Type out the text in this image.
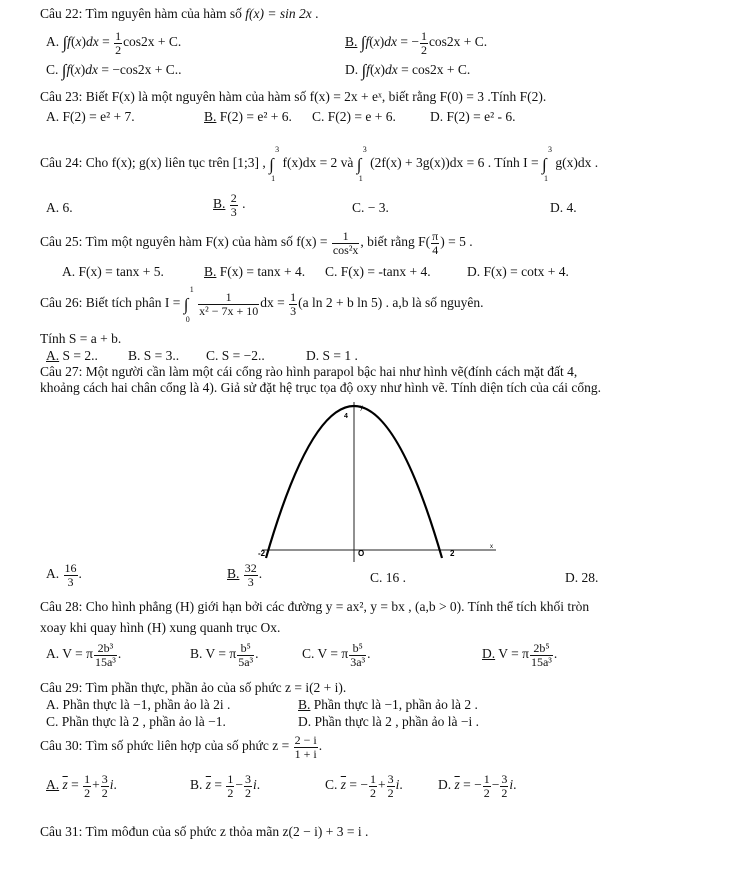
Câu 22: Tìm nguyên hàm của hàm số f(x) = sin 2x .
A. $\int f(x)dx = \frac{1}{2} \cos 2x + C$.	B. ∫f(x)dx = − $\frac{1}{2} \cos 2x + C$.
C. ∫f(x)dx = −cos2x + C..	D. ∫f(x)dx = cos2x + C.
Câu 23: Biết F(x) là một nguyên hàm của hàm số f(x) = 2x + eˣ, biết rằng F(0) = 3 .Tính F(2).
A. F(2) = e² + 7.	B. F(2) = e² + 6. C. F(2) = e + 6.	D. F(2) = e² - 6.
Câu 24: Cho f(x); g(x) liên tục trên [1;3] , ∫
3
1
f(x)dx = 2 và ∫
3
1
(2f(x) + 3g(x))dx = 6 . Tính I = ∫
3
1
g(x)dx .
A. 6.	B. $\frac{2}{3}$ .	C. − 3.	D. 4.
Câu 25: Tìm một nguyên hàm F(x) của hàm số $f(x) = \frac{1}{\text{cos²x}}$ , biết rằng $F( \frac{\pi}{4}$ ) = 5 .
A. F(x) = tanx + 5.	B. F(x) = tanx + 4. C. F(x) = -tanx + 4.	D. F(x) = cotx + 4.
Câu 26: Biết tích phân I = ∫
1
0

$\frac{1}{\text{x² − 7x + 10}}$ dx = $\frac{1}{3} (a$ ln 2 + b ln 5) . a,b là số nguyên.
Tính S = a + b.
A. S = 2.. B. S = 3.. C. S = −2..	D. S = 1 .
Câu 27: Một người cần làm một cái cổng rào hình parapol bậc hai như hình vẽ(đính cách mặt đất 4,
khoảng cách hai chân cổng là 4). Giả sử đặt hệ trục tọa độ oxy như hình vẽ. Tính diện tích của cái cổng.
y
x
4
-2	O	2
A. $\frac{16}{3}$ .	B. $\frac{32}{3}$ .	C. 16 .	D. 28.
Câu 28: Cho hình phẳng (H) giới hạn bởi các đường y = ax², y = bx , (a,b > 0). Tính thể tích khối tròn
xoay khi quay hình (H) xung quanh trục Ox.
A. V = π $\frac{\text{2b³}}{\text{15a³}}$ .	B. V = π $\frac{\text{b⁵}}{\text{5a³}}$ .	C. V = π $\frac{\text{b⁵}}{\text{3a³}}$ .	D. V = π $\frac{\text{2b⁵}}{\text{15a³}}$ .
Câu 29: Tìm phần thực, phần ảo của số phức z = i(2 + i).
A. Phần thực là −1, phần ảo là 2i .	B. Phần thực là −1, phần ảo là 2 .
C. Phần thực là 2 , phần ảo là −1.	D. Phần thực là 2 , phần ảo là −i .
Câu 30: Tìm số phức liên hợp của số phức $z = \frac{2 - i}{1 + i}$ .
A. $\overline{z} = \frac{1}{2} + \frac{3}{2} i$.	B. $\overline{z} = \frac{1}{2} - \frac{3}{2} i$.	C. $\overline{z}$ = − $\frac{1}{2} + \frac{3}{2} i$.	D. $\overline{z}$ = − $\frac{1}{2} - \frac{3}{2} i$.
Câu 31: Tìm môđun của số phức z thỏa mãn z(2 − i) + 3 = i .
